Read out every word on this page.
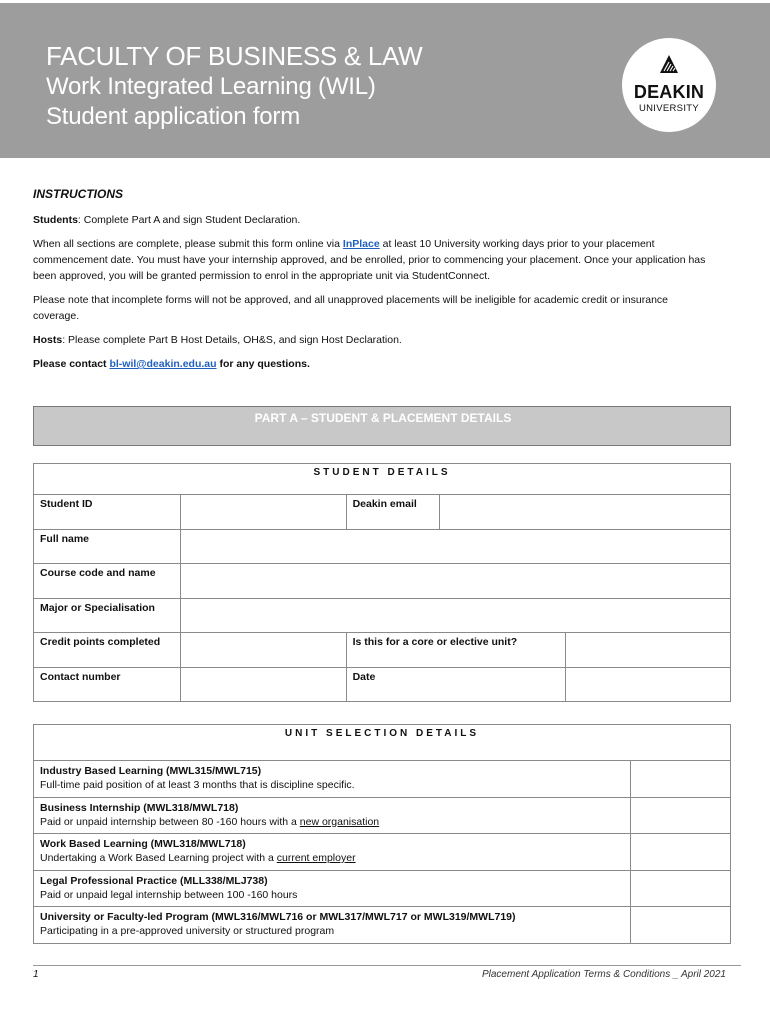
FACULTY OF BUSINESS & LAW
Work Integrated Learning (WIL)
Student application form
DEAKIN
UNIVERSITY
INSTRUCTIONS

Students: Complete Part A and sign Student Declaration.

When all sections are complete, please submit this form online via InPlace at least 10 University working days prior to your placement commencement date. You must have your internship approved, and be enrolled, prior to commencing your placement. Once your application has been approved, you will be granted permission to enrol in the appropriate unit via StudentConnect.

Please note that incomplete forms will not be approved, and all unapproved placements will be ineligible for academic credit or insurance coverage.

Hosts: Please complete Part B Host Details, OH&S, and sign Host Declaration.

Please contact bl-wil@deakin.edu.au for any questions.

PART A – STUDENT & PLACEMENT DETAILS
STUDENT DETAILS				
Student ID		Deakin email		
Full name				
Course code and name				
Major or Specialisation				
Credit points completed		Is this for a core or elective unit?		
Contact number		Date		
UNIT SELECTION DETAILS	

Industry Based Learning (MWL315/MWL715)
Full-time paid position of at least 3 months that is discipline specific.	

Business Internship (MWL318/MWL718)
Paid or unpaid internship between 80 -160 hours with a new organisation	

Work Based Learning (MWL318/MWL718)
Undertaking a Work Based Learning project with a current employer	

Legal Professional Practice (MLL338/MLJ738)
Paid or unpaid legal internship between 100 -160 hours	

University or Faculty-led Program (MWL316/MWL716 or MWL317/MWL717 or MWL319/MWL719)
Participating in a pre-approved university or structured program	

1	Placement Application Terms & Conditions _ April 2021
